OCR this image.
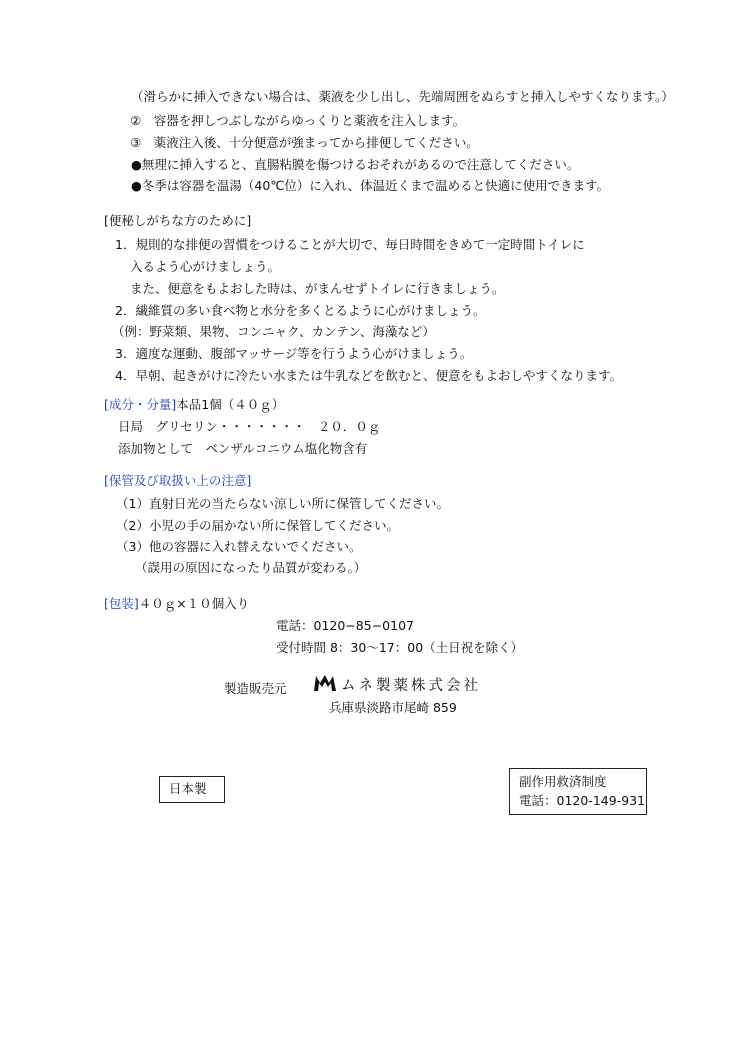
（滑らかに挿入できない場合は、薬液を少し出し、先端周囲をぬらすと挿入しやすくなります。）
②　容器を押しつぶしながらゆっくりと薬液を注入します。
③　薬液注入後、十分便意が強まってから排便してください。
●無理に挿入すると、直腸粘膜を傷つけるおそれがあるので注意してください。
●冬季は容器を温湯（40℃位）に入れ、体温近くまで温めると快適に使用できます。
[便秘しがちな方のために]
1．規則的な排便の習慣をつけることが大切で、毎日時間をきめて一定時間トイレに
入るよう心がけましょう。
また、便意をもよおした時は、がまんせずトイレに行きましょう。
2．繊維質の多い食べ物と水分を多くとるように心がけましょう。
（例：野菜類、果物、コンニャク、カンテン、海藻など）
3．適度な運動、腹部マッサージ等を行うよう心がけましょう。
4．早朝、起きがけに冷たい水または牛乳などを飲むと、便意をもよおしやすくなります。
[成分・分量]本品1個（４０ｇ）
日局　グリセリン・・・・・・・　２０．０ｇ
添加物として　ベンザルコニウム塩化物含有
[保管及び取扱い上の注意]
（1）直射日光の当たらない涼しい所に保管してください。
（2）小児の手の届かない所に保管してください。
（3）他の容器に入れ替えないでください。
（誤用の原因になったり品質が変わる。）
[包装]４０ｇ×１０個入り
電話：0120−85−0107
受付時間 8：30〜17：00（土日祝を除く）
製造販売元	ムネ製薬株式会社
兵庫県淡路市尾崎 859
日本製	副作用救済制度
電話：0120-149-931
